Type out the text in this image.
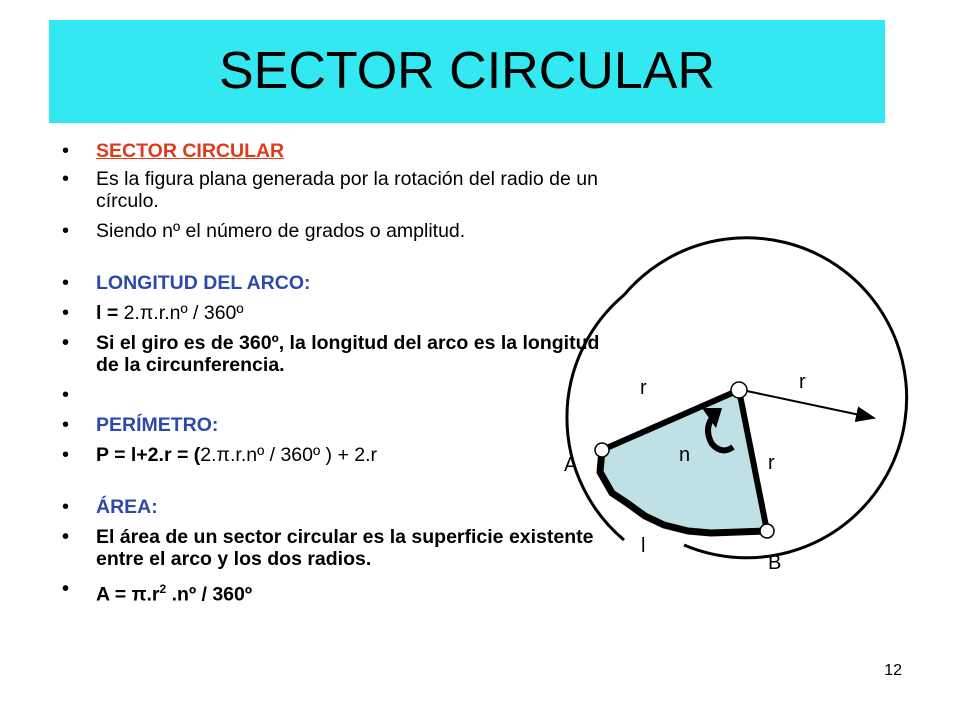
SECTOR CIRCULAR
• SECTOR CIRCULAR
• Es la figura plana generada por la rotación del radio de un círculo.
• Siendo nº el número de grados o amplitud.
• LONGITUD DEL ARCO:
• l = 2.π.r.nº / 360º
• Si el giro es de 360º, la longitud del arco es la longitud de la circunferencia.
•
• PERÍMETRO:
• P = l+2.r = (2.π.r.nº / 360º ) + 2.r
• ÁREA:
• El área de un sector circular es la superficie existente entre el arco y los dos radios.
• $A = \pi.r^2$ .nº / 360º
r
r
r
n
A
B
l
12
